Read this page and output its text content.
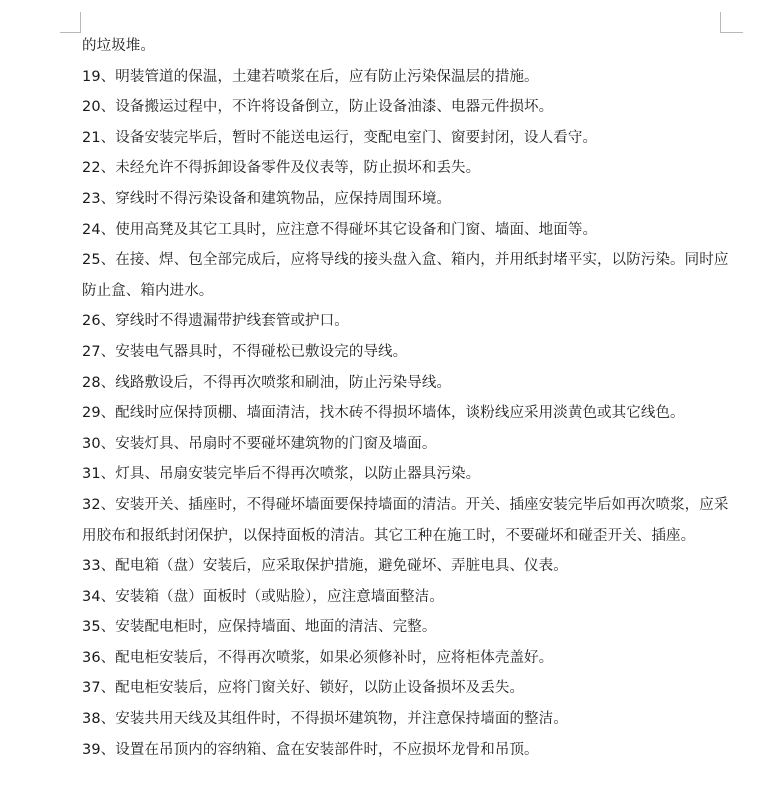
的垃圾堆。

19、明装管道的保温，土建若喷浆在后，应有防止污染保温层的措施。

20、设备搬运过程中，不许将设备倒立，防止设备油漆、电器元件损坏。

21、设备安装完毕后，暂时不能送电运行，变配电室门、窗要封闭，设人看守。

22、未经允许不得拆卸设备零件及仪表等，防止损坏和丢失。

23、穿线时不得污染设备和建筑物品，应保持周围环境。

24、使用高凳及其它工具时，应注意不得碰坏其它设备和门窗、墙面、地面等。

25、在接、焊、包全部完成后，应将导线的接头盘入盒、箱内，并用纸封堵平实，以防污染。同时应防止盒、箱内进水。

26、穿线时不得遗漏带护线套管或护口。

27、安装电气器具时，不得碰松已敷设完的导线。

28、线路敷设后，不得再次喷浆和刷油，防止污染导线。

29、配线时应保持顶棚、墙面清洁，找木砖不得损坏墙体，谈粉线应采用淡黄色或其它线色。

30、安装灯具、吊扇时不要碰坏建筑物的门窗及墙面。

31、灯具、吊扇安装完毕后不得再次喷浆，以防止器具污染。

32、安装开关、插座时，不得碰坏墙面要保持墙面的清洁。开关、插座安装完毕后如再次喷浆，应采用胶布和报纸封闭保护，以保持面板的清洁。其它工种在施工时，不要碰坏和碰歪开关、插座。

33、配电箱（盘）安装后，应采取保护措施，避免碰坏、弄脏电具、仪表。

34、安装箱（盘）面板时（或贴脸），应注意墙面整洁。

35、安装配电柜时，应保持墙面、地面的清洁、完整。

36、配电柜安装后，不得再次喷浆，如果必须修补时，应将柜体壳盖好。

37、配电柜安装后，应将门窗关好、锁好，以防止设备损坏及丢失。

38、安装共用天线及其组件时，不得损坏建筑物，并注意保持墙面的整洁。

39、设置在吊顶内的容纳箱、盒在安装部件时，不应损坏龙骨和吊顶。
